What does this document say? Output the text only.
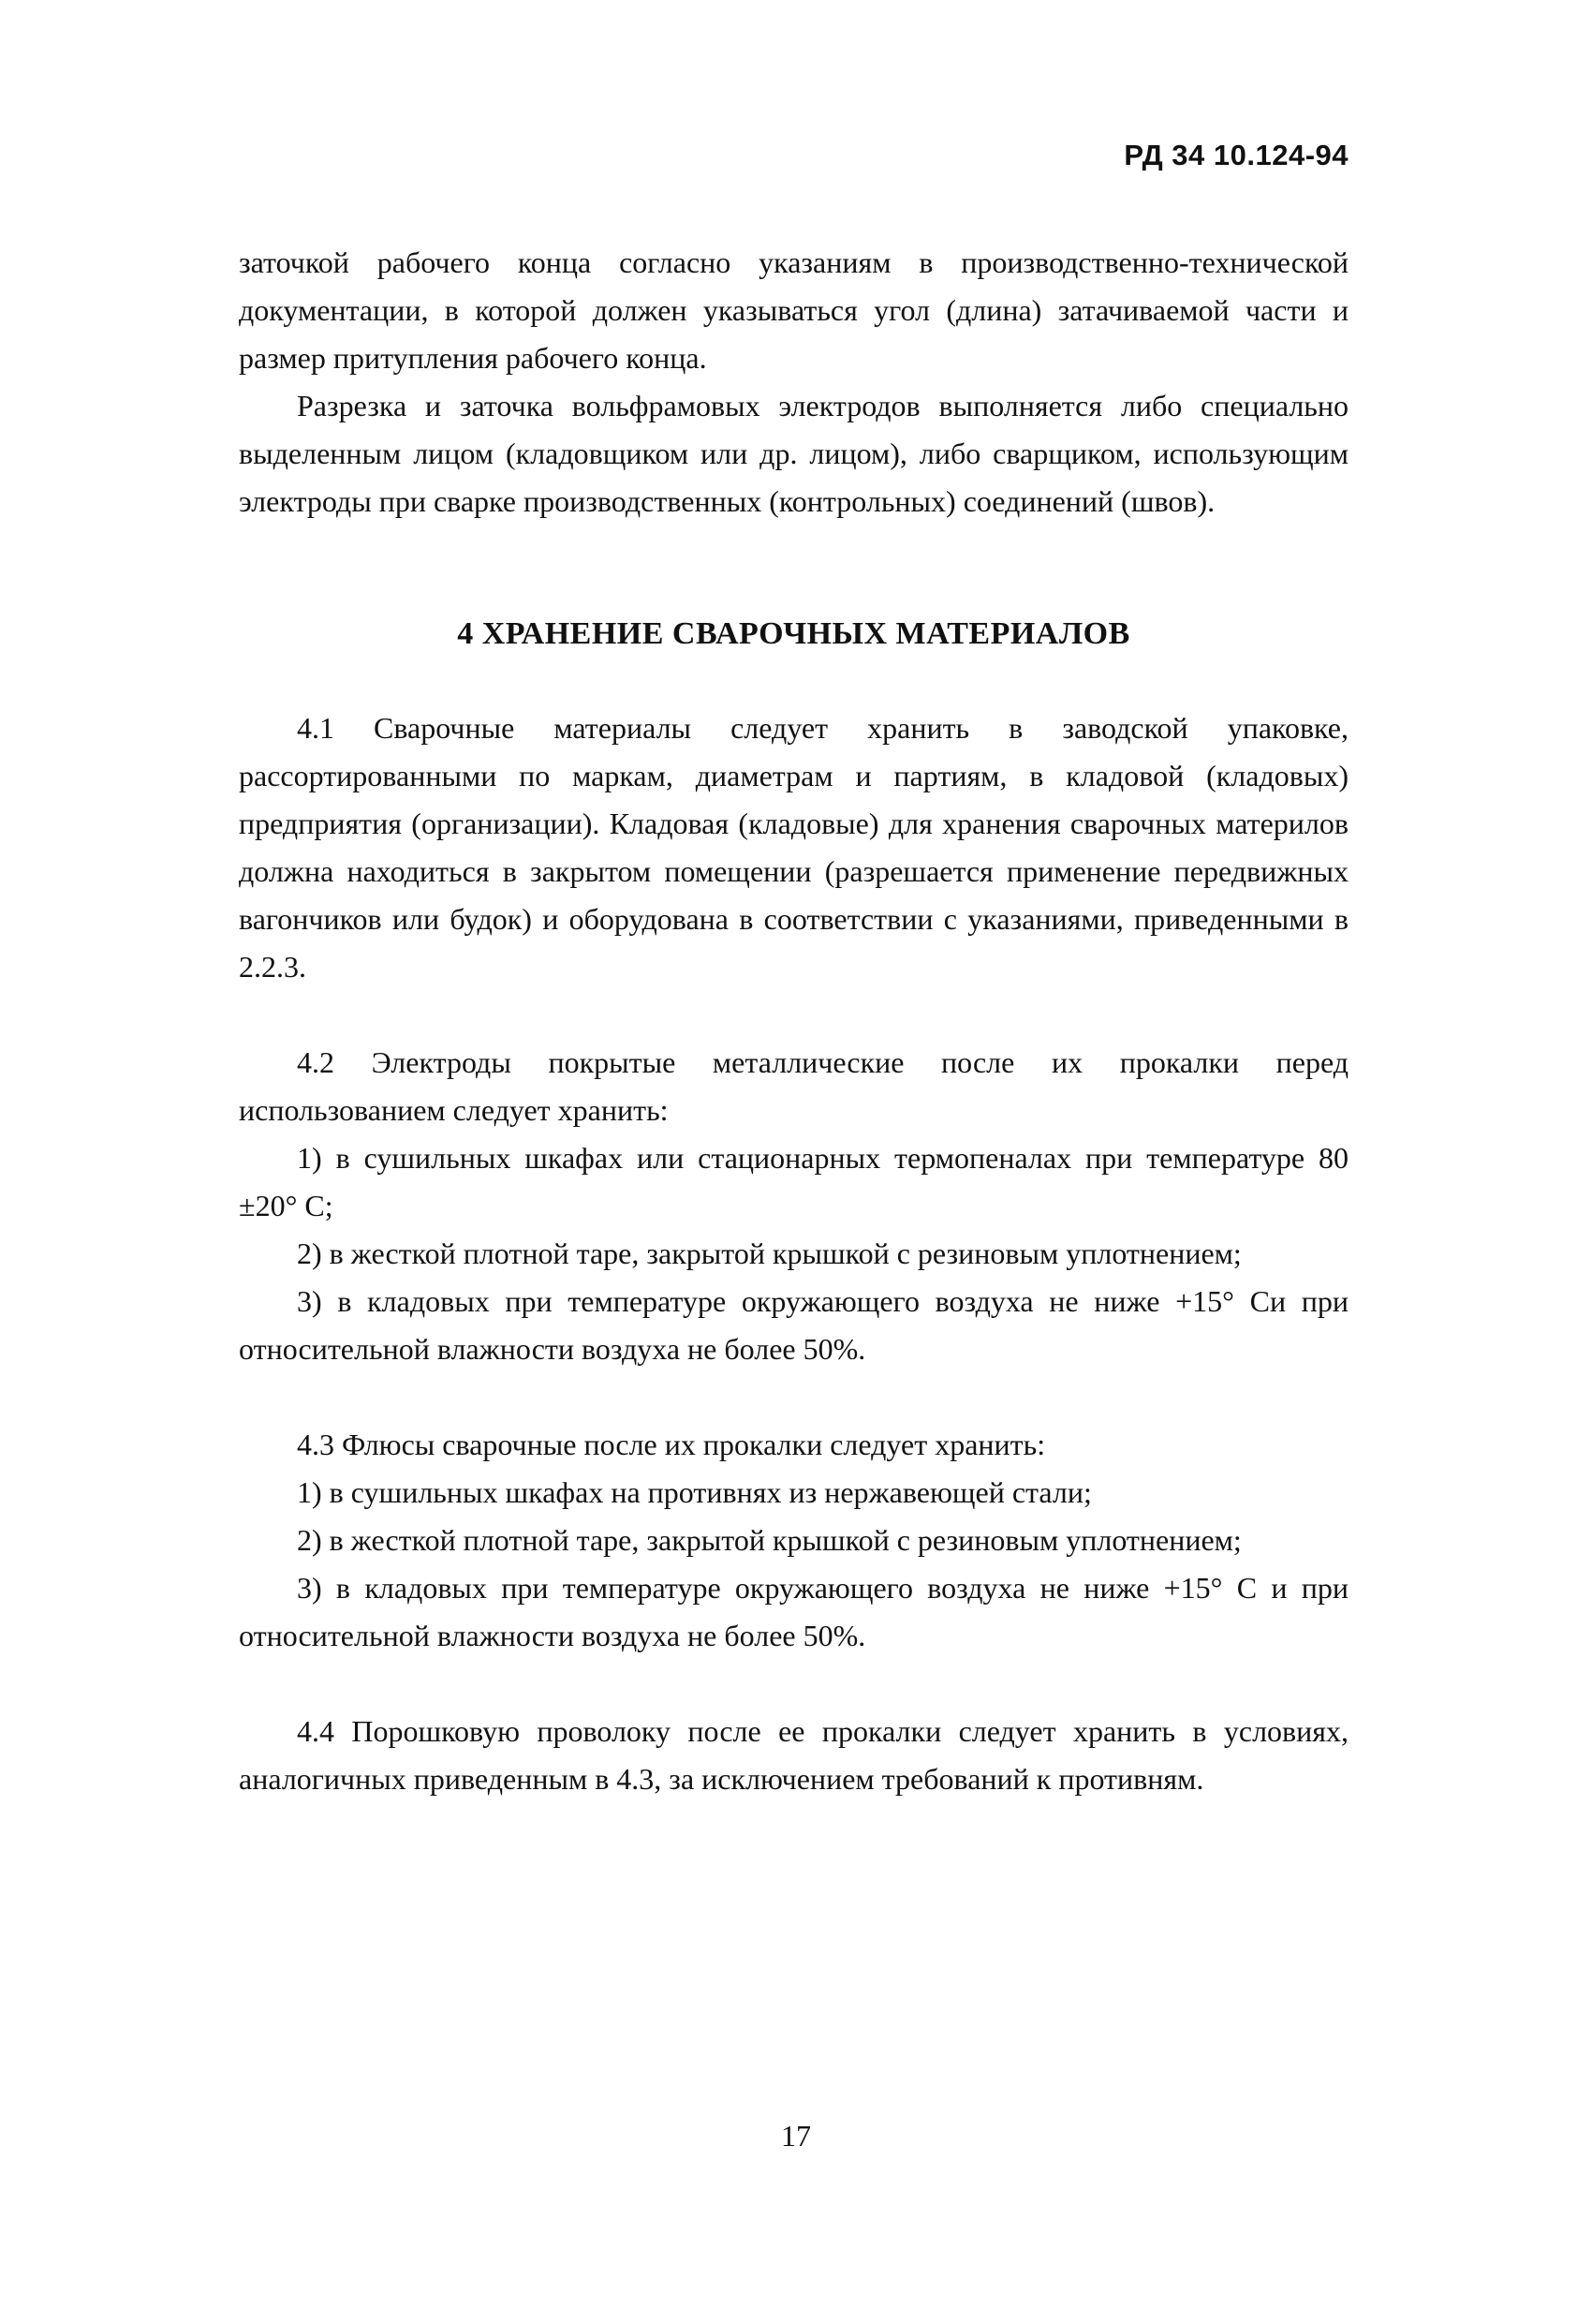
РД 34 10.124-94

заточкой рабочего конца согласно указаниям в производственно-технической документации, в которой должен указываться угол (длина) затачиваемой части и размер притупления рабочего конца.

Разрезка и заточка вольфрамовых электродов выполняется либо специально выделенным лицом (кладовщиком или др. лицом), либо сварщиком, использующим электроды при сварке производственных (контрольных) соединений (швов).

4 ХРАНЕНИЕ СВАРОЧНЫХ МАТЕРИАЛОВ

4.1 Сварочные материалы следует хранить в заводской упаковке, рассортированными по маркам, диаметрам и партиям, в кладовой (кладовых) предприятия (организации). Кладовая (кладовые) для хранения сварочных материлов должна находиться в закрытом помещении (разрешается применение передвижных вагончиков или будок) и оборудована в соответствии с указаниями, приведенными в 2.2.3.

4.2 Электроды покрытые металлические после их прокалки перед использованием следует хранить:

1) в сушильных шкафах или стационарных термопеналах при температуре 80 ±20° С;

2) в жесткой плотной таре, закрытой крышкой с резиновым уплотнением;

3) в кладовых при температуре окружающего воздуха не ниже +15° Си при относительной влажности воздуха не более 50%.

4.3 Флюсы сварочные после их прокалки следует хранить:

1) в сушильных шкафах на противнях из нержавеющей стали;

2) в жесткой плотной таре, закрытой крышкой с резиновым уплотнением;

3) в кладовых при температуре окружающего воздуха не ниже +15° С и при относительной влажности воздуха не более 50%.

4.4 Порошковую проволоку после ее прокалки следует хранить в условиях, аналогичных приведенным в 4.3, за исключением требований к противням.

17
